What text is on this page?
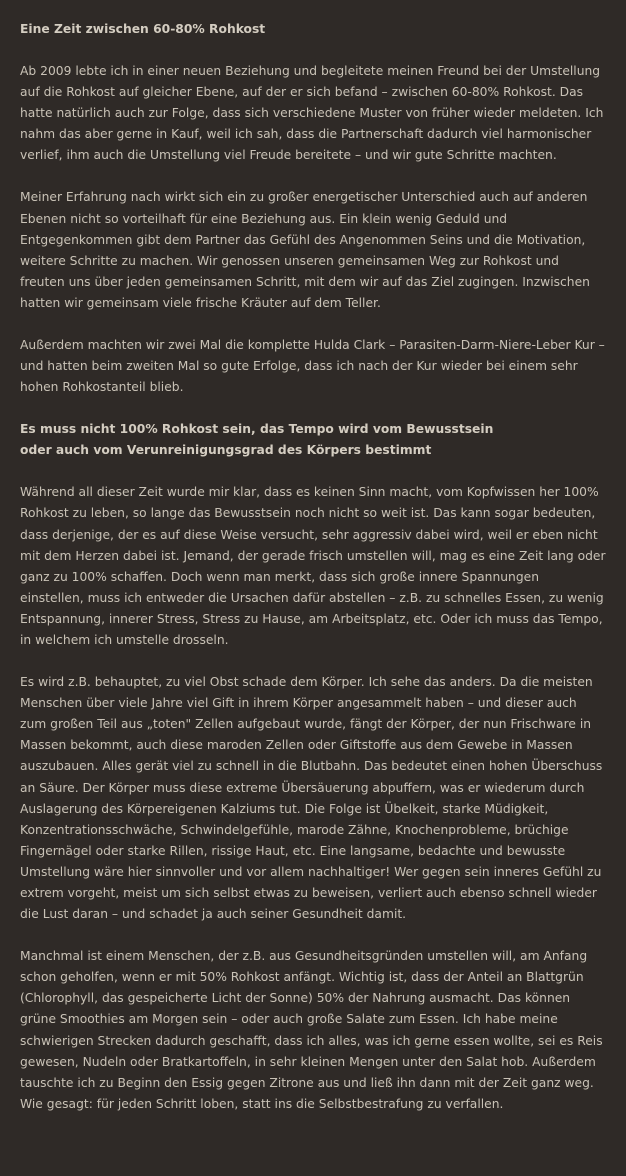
Eine Zeit zwischen 60-80% Rohkost

Ab 2009 lebte ich in einer neuen Beziehung und begleitete meinen Freund bei der Umstellung auf die Rohkost auf gleicher Ebene, auf der er sich befand – zwischen 60-80% Rohkost. Das hatte natürlich auch zur Folge, dass sich verschiedene Muster von früher wieder meldeten. Ich nahm das aber gerne in Kauf, weil ich sah, dass die Partnerschaft dadurch viel harmonischer verlief, ihm auch die Umstellung viel Freude bereitete – und wir gute Schritte machten.

Meiner Erfahrung nach wirkt sich ein zu großer energetischer Unterschied auch auf anderen Ebenen nicht so vorteilhaft für eine Beziehung aus. Ein klein wenig Geduld und Entgegenkommen gibt dem Partner das Gefühl des Angenommen Seins und die Motivation, weitere Schritte zu machen. Wir genossen unseren gemeinsamen Weg zur Rohkost und freuten uns über jeden gemeinsamen Schritt, mit dem wir auf das Ziel zugingen. Inzwischen hatten wir gemeinsam viele frische Kräuter auf dem Teller.

Außerdem machten wir zwei Mal die komplette Hulda Clark – Parasiten-Darm-Niere-Leber Kur – und hatten beim zweiten Mal so gute Erfolge, dass ich nach der Kur wieder bei einem sehr hohen Rohkostanteil blieb.

Es muss nicht 100% Rohkost sein, das Tempo wird vom Bewusstsein
oder auch vom Verunreinigungsgrad des Körpers bestimmt

Während all dieser Zeit wurde mir klar, dass es keinen Sinn macht, vom Kopfwissen her 100% Rohkost zu leben, so lange das Bewusstsein noch nicht so weit ist. Das kann sogar bedeuten, dass derjenige, der es auf diese Weise versucht, sehr aggressiv dabei wird, weil er eben nicht mit dem Herzen dabei ist. Jemand, der gerade frisch umstellen will, mag es eine Zeit lang oder ganz zu 100% schaffen. Doch wenn man merkt, dass sich große innere Spannungen einstellen, muss ich entweder die Ursachen dafür abstellen – z.B. zu schnelles Essen, zu wenig Entspannung, innerer Stress, Stress zu Hause, am Arbeitsplatz, etc. Oder ich muss das Tempo, in welchem ich umstelle drosseln.

Es wird z.B. behauptet, zu viel Obst schade dem Körper. Ich sehe das anders. Da die meisten Menschen über viele Jahre viel Gift in ihrem Körper angesammelt haben – und dieser auch zum großen Teil aus „toten" Zellen aufgebaut wurde, fängt der Körper, der nun Frischware in Massen bekommt, auch diese maroden Zellen oder Giftstoffe aus dem Gewebe in Massen auszubauen. Alles gerät viel zu schnell in die Blutbahn. Das bedeutet einen hohen Überschuss an Säure. Der Körper muss diese extreme Übersäuerung abpuffern, was er wiederum durch Auslagerung des Körpereigenen Kalziums tut. Die Folge ist Übelkeit, starke Müdigkeit, Konzentrationsschwäche, Schwindelgefühle, marode Zähne, Knochenprobleme, brüchige Fingernägel oder starke Rillen, rissige Haut, etc. Eine langsame, bedachte und bewusste Umstellung wäre hier sinnvoller und vor allem nachhaltiger! Wer gegen sein inneres Gefühl zu extrem vorgeht, meist um sich selbst etwas zu beweisen, verliert auch ebenso schnell wieder die Lust daran – und schadet ja auch seiner Gesundheit damit.

Manchmal ist einem Menschen, der z.B. aus Gesundheitsgründen umstellen will, am Anfang schon geholfen, wenn er mit 50% Rohkost anfängt. Wichtig ist, dass der Anteil an Blattgrün (Chlorophyll, das gespeicherte Licht der Sonne) 50% der Nahrung ausmacht. Das können grüne Smoothies am Morgen sein – oder auch große Salate zum Essen. Ich habe meine schwierigen Strecken dadurch geschafft, dass ich alles, was ich gerne essen wollte, sei es Reis gewesen, Nudeln oder Bratkartoffeln, in sehr kleinen Mengen unter den Salat hob. Außerdem tauschte ich zu Beginn den Essig gegen Zitrone aus und ließ ihn dann mit der Zeit ganz weg. Wie gesagt: für jeden Schritt loben, statt ins die Selbstbestrafung zu verfallen.
